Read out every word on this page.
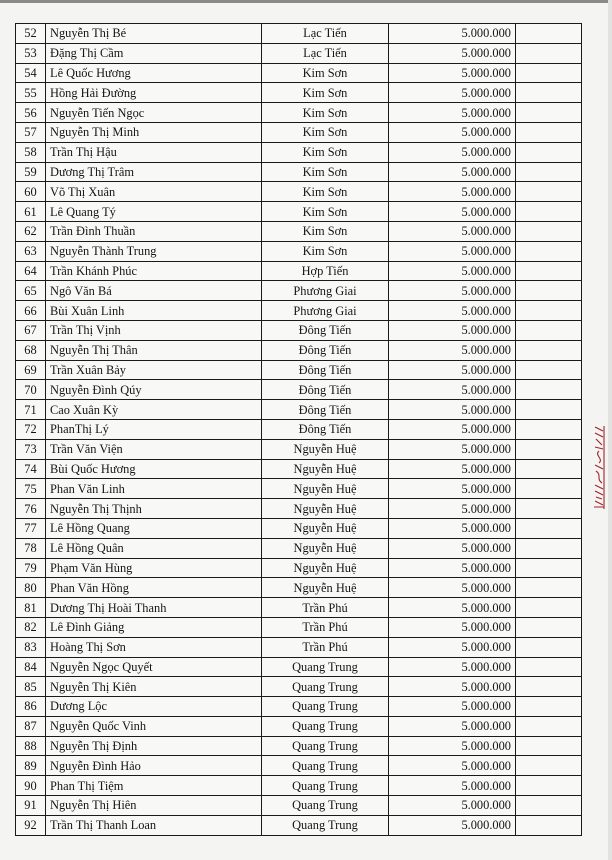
52	Nguyễn Thị Bé	Lạc Tiến	5.000.000	
53	Đặng Thị Cầm	Lạc Tiến	5.000.000	
54	Lê Quốc Hương	Kim Sơn	5.000.000	
55	Hồng Hải Đường	Kim Sơn	5.000.000	
56	Nguyễn Tiến Ngọc	Kim Sơn	5.000.000	
57	Nguyễn Thị Minh	Kim Sơn	5.000.000	
58	Trần Thị Hậu	Kim Sơn	5.000.000	
59	Dương Thị Trâm	Kim Sơn	5.000.000	
60	Võ Thị Xuân	Kim Sơn	5.000.000	
61	Lê Quang Tý	Kim Sơn	5.000.000	
62	Trần Đình Thuần	Kim Sơn	5.000.000	
63	Nguyễn Thành Trung	Kim Sơn	5.000.000	
64	Trần Khánh Phúc	Hợp Tiến	5.000.000	
65	Ngô Văn Bá	Phương Giai	5.000.000	
66	Bùi Xuân Linh	Phương Giai	5.000.000	
67	Trần Thị Vịnh	Đông Tiến	5.000.000	
68	Nguyễn Thị Thân	Đông Tiến	5.000.000	
69	Trần Xuân Bảy	Đông Tiến	5.000.000	
70	Nguyễn Đình Qúy	Đông Tiến	5.000.000	
71	Cao Xuân Kỳ	Đông Tiến	5.000.000	
72	PhanThị Lý	Đông Tiến	5.000.000	
73	Trần Văn Viện	Nguyễn Huệ	5.000.000	
74	Bùi Quốc Hương	Nguyễn Huệ	5.000.000	
75	Phan Văn Linh	Nguyễn Huệ	5.000.000	
76	Nguyễn Thị Thịnh	Nguyễn Huệ	5.000.000	
77	Lê Hồng Quang	Nguyễn Huệ	5.000.000	
78	Lê Hồng Quân	Nguyễn Huệ	5.000.000	
79	Phạm Văn Hùng	Nguyễn Huệ	5.000.000	
80	Phan Văn Hồng	Nguyễn Huệ	5.000.000	
81	Dương Thị Hoài Thanh	Trần Phú	5.000.000	
82	Lê Đình Giảng	Trần Phú	5.000.000	
83	Hoàng Thị Sơn	Trần Phú	5.000.000	
84	Nguyễn Ngọc Quyết	Quang Trung	5.000.000	
85	Nguyễn Thị Kiên	Quang Trung	5.000.000	
86	Dương Lộc	Quang Trung	5.000.000	
87	Nguyễn Quốc Vinh	Quang Trung	5.000.000	
88	Nguyễn Thị Định	Quang Trung	5.000.000	
89	Nguyễn Đình Hảo	Quang Trung	5.000.000	
90	Phan Thị Tiệm	Quang Trung	5.000.000	
91	Nguyễn Thị Hiên	Quang Trung	5.000.000	
92	Trần Thị Thanh Loan	Quang Trung	5.000.000	
